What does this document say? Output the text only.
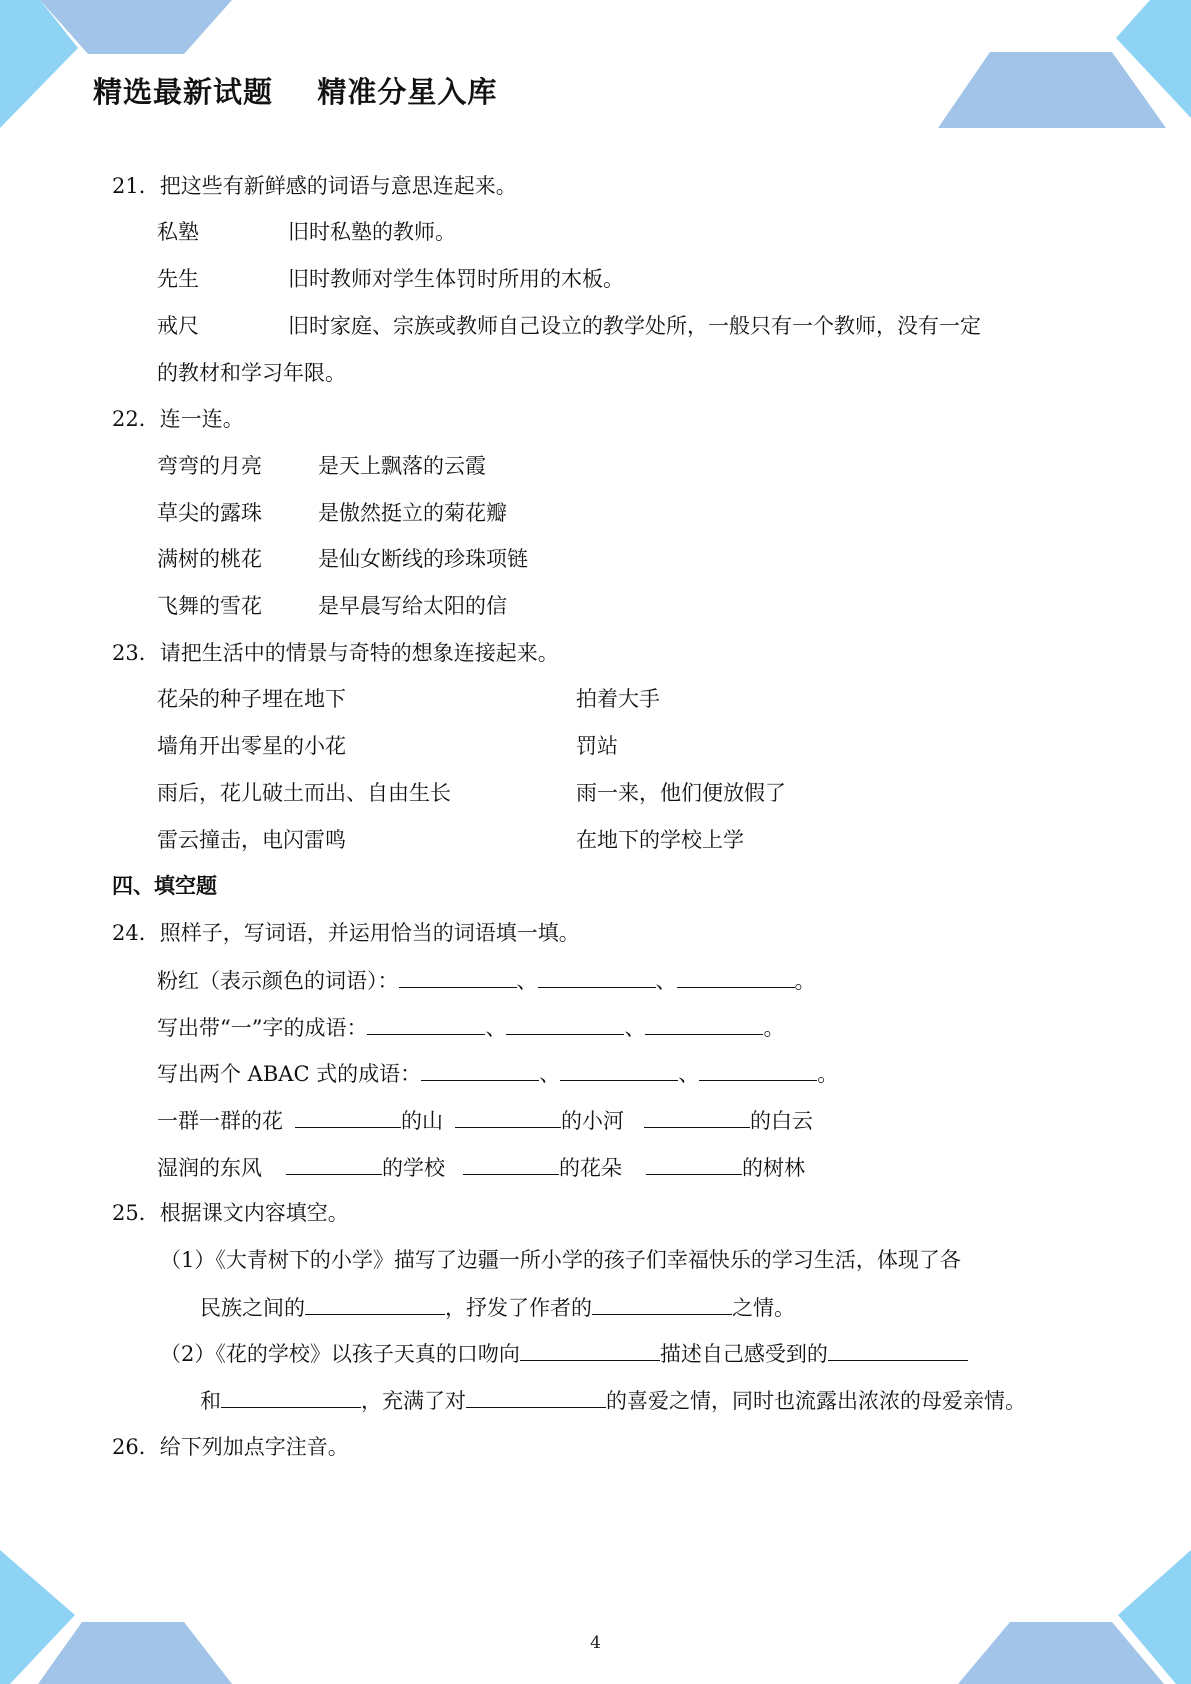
精选最新试题    精准分星入库
21．把这些有新鲜感的词语与意思连起来。
私塾	旧时私塾的教师。
先生	旧时教师对学生体罚时所用的木板。
戒尺	旧时家庭、宗族或教师自己设立的教学处所，一般只有一个教师，没有一定
的教材和学习年限。
22．连一连。
弯弯的月亮	是天上飘落的云霞
草尖的露珠	是傲然挺立的菊花瓣
满树的桃花	是仙女断线的珍珠项链
飞舞的雪花	是早晨写给太阳的信
23．请把生活中的情景与奇特的想象连接起来。
花朵的种子埋在地下	拍着大手
墙角开出零星的小花	罚站
雨后，花儿破土而出、自由生长	雨一来，他们便放假了
雷云撞击，电闪雷鸣	在地下的学校上学
四、填空题
24．照样子，写词语，并运用恰当的词语填一填。
粉红（表示颜色的词语）：	、	、	。
写出带“一”字的成语：	、	、	。
写出两个 ABAC 式的成语：	、	、	。
一群一群的花	的山	的小河	的白云
湿润的东风	的学校	的花朵	的树林
25．根据课文内容填空。
（1）《大青树下的小学》描写了边疆一所小学的孩子们幸福快乐的学习生活，体现了各
民族之间的	，抒发了作者的	之情。
（2）《花的学校》以孩子天真的口吻向	描述自己感受到的
和	，充满了对	的喜爱之情，同时也流露出浓浓的母爱亲情。
26．给下列加点字注音。
4
